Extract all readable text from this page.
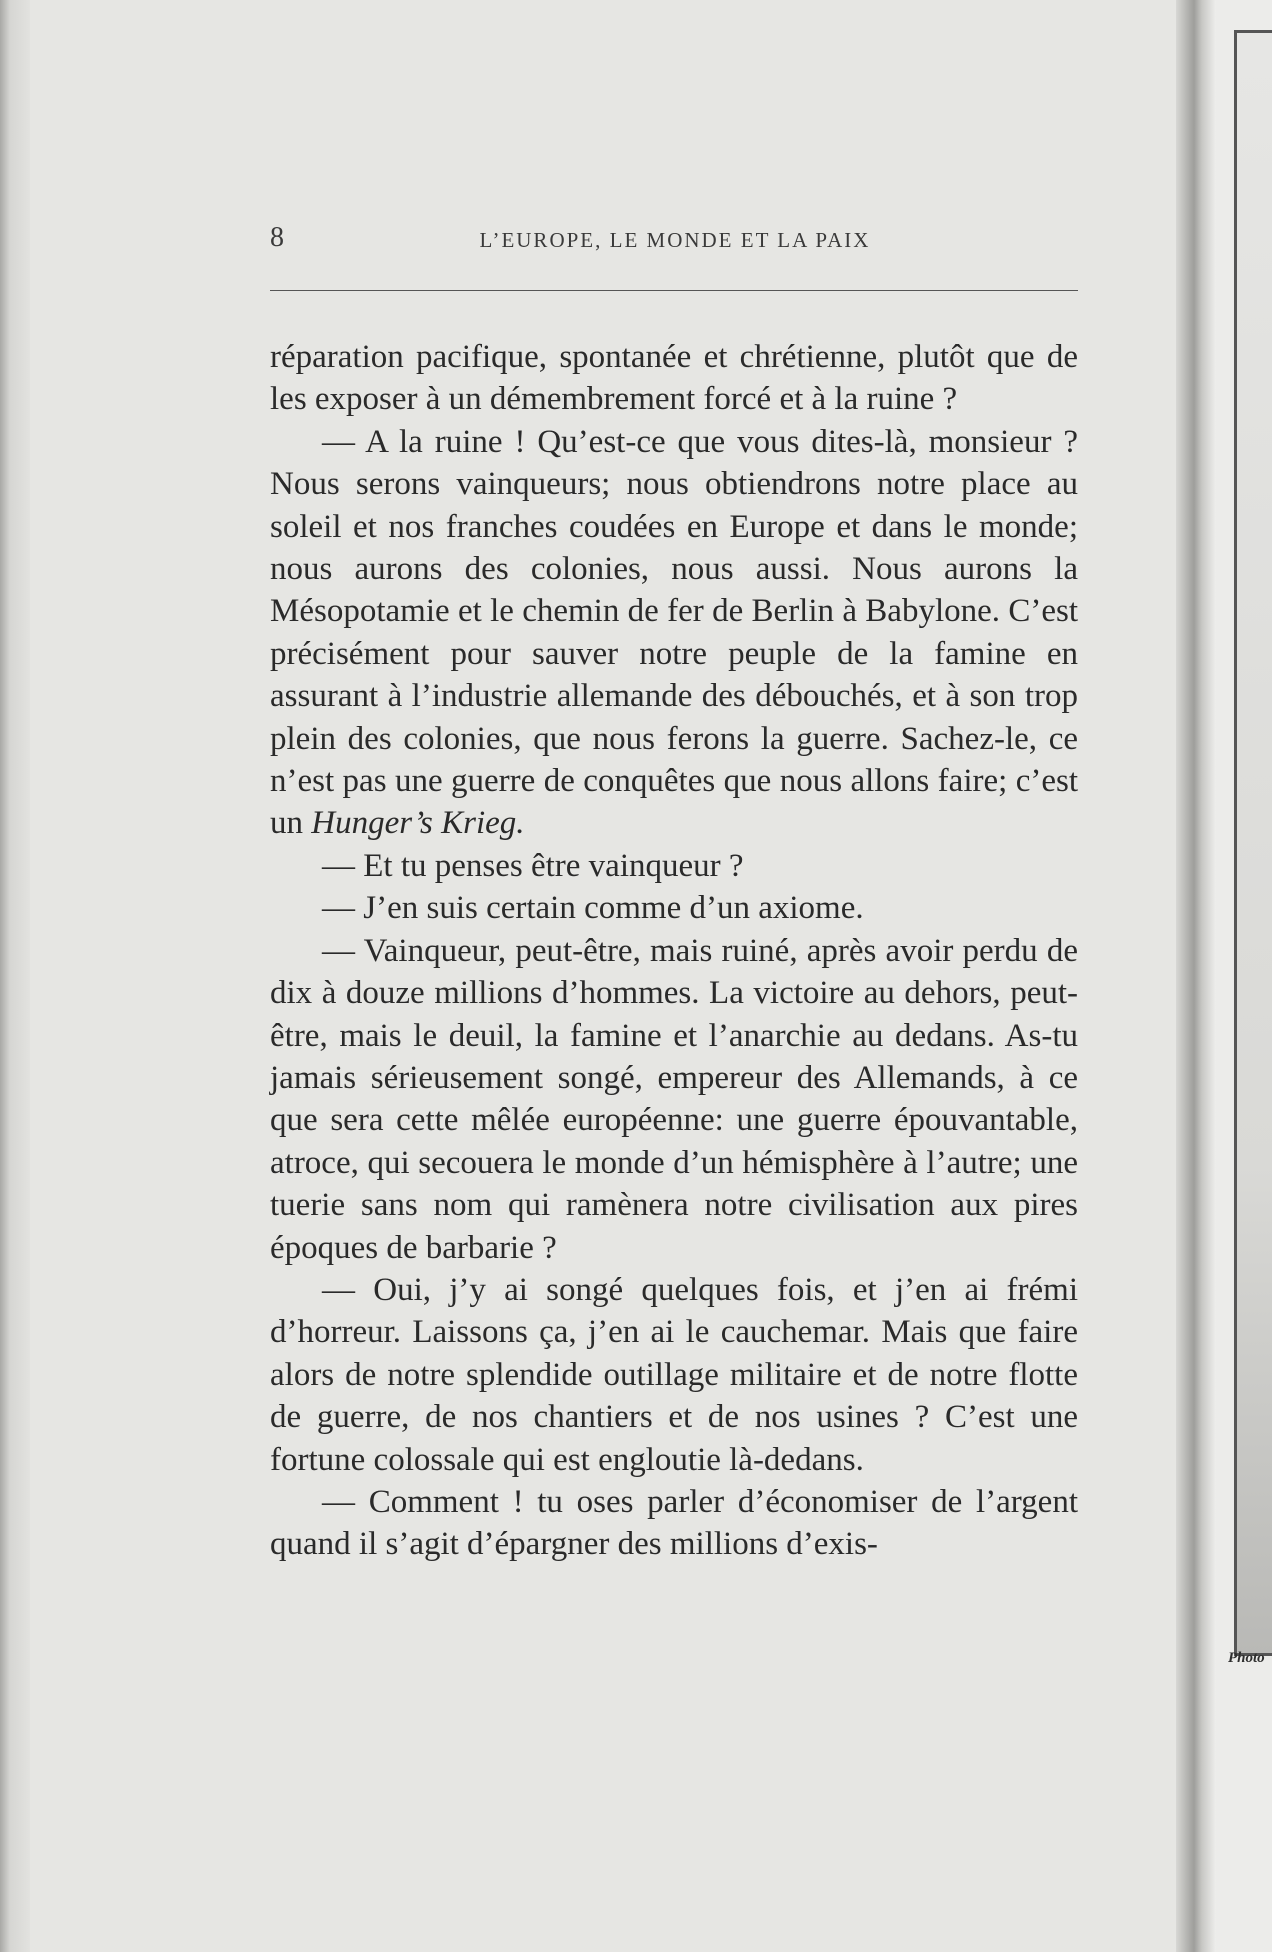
8	L’EUROPE, LE MONDE ET LA PAIX

réparation pacifique, spontanée et chrétienne, plutôt que de les exposer à un démembrement forcé et à la ruine ?

— A la ruine ! Qu’est-ce que vous dites-là, monsieur ? Nous serons vainqueurs; nous obtiendrons notre place au soleil et nos franches coudées en Europe et dans le monde; nous aurons des colonies, nous aussi. Nous aurons la Mésopotamie et le chemin de fer de Berlin à Babylone. C’est précisément pour sauver notre peuple de la famine en assurant à l’industrie allemande des débouchés, et à son trop plein des colonies, que nous ferons la guerre. Sachez-le, ce n’est pas une guerre de conquêtes que nous allons faire; c’est un Hunger’s Krieg.

— Et tu penses être vainqueur ?

— J’en suis certain comme d’un axiome.

— Vainqueur, peut-être, mais ruiné, après avoir perdu de dix à douze millions d’hommes. La victoire au dehors, peut-être, mais le deuil, la famine et l’anarchie au dedans. As-tu jamais sérieusement songé, empereur des Allemands, à ce que sera cette mêlée européenne: une guerre épouvantable, atroce, qui secouera le monde d’un hémisphère à l’autre; une tuerie sans nom qui ramènera notre civilisation aux pires époques de barbarie ?

— Oui, j’y ai songé quelques fois, et j’en ai frémi d’horreur. Laissons ça, j’en ai le cauchemar. Mais que faire alors de notre splendide outillage militaire et de notre flotte de guerre, de nos chantiers et de nos usines ? C’est une fortune colossale qui est engloutie là-dedans.

— Comment ! tu oses parler d’économiser de l’argent quand il s’agit d’épargner des millions d’exis-

Photo
